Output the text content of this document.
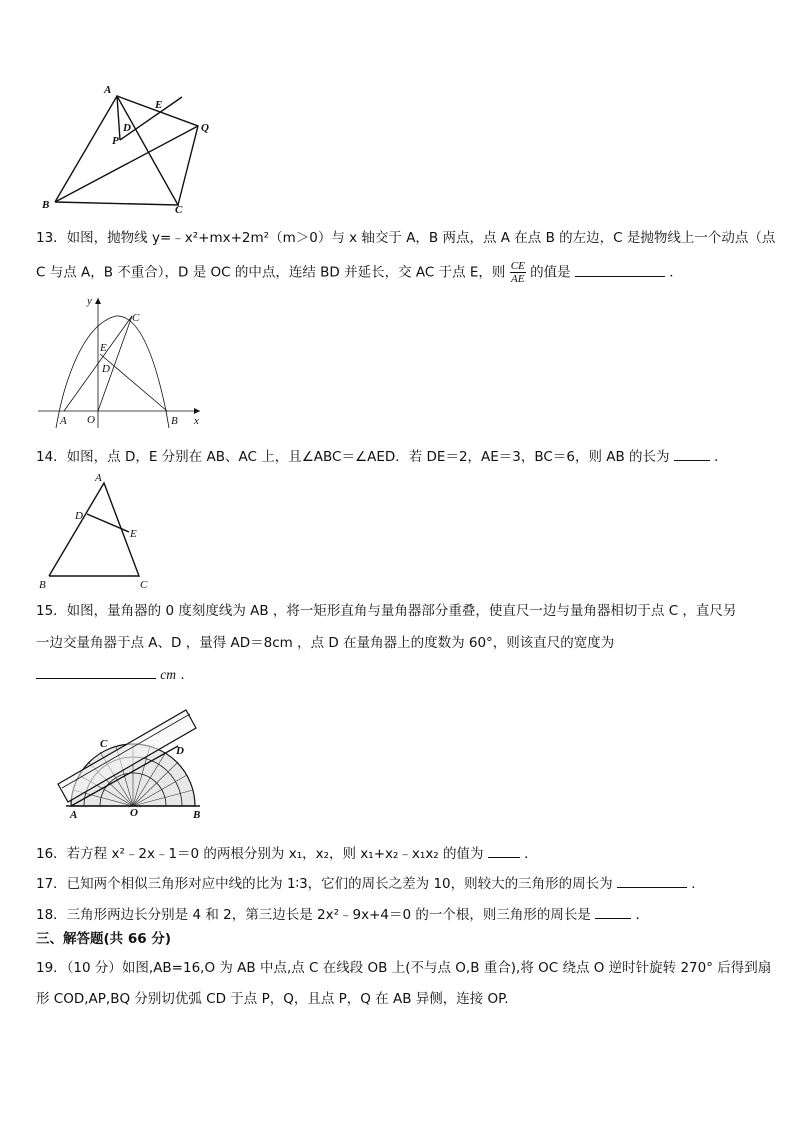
A
E
D
P
Q
B	C
13．如图，抛物线 y=﹣x²+mx+2m²（m＞0）与 x 轴交于 A，B 两点，点 A 在点 B 的左边，C 是抛物线上一个动点（点
C 与点 A，B 不重合），D 是 OC 的中点，连结 BD 并延长，交 AC 于点 E，则 $\frac{CE}{AE}$ 的值是	．
y
x
A O	B
C
E
D
14．如图，点 D，E 分别在 AB、AC 上，且∠ABC＝∠AED．若 DE＝2，AE＝3，BC＝6，则 AB 的长为	．
A
D
E
B	C
15．如图，量角器的 0 度刻度线为 AB ，将一矩形直角与量角器部分重叠，使直尺一边与量角器相切于点 C ，直尺另
一边交量角器于点 A、D ，量得 AD＝8cm ，点 D 在量角器上的度数为 60°，则该直尺的宽度为
cm .
C
D
A	O	B
16．若方程 x²﹣2x﹣1＝0 的两根分别为 x₁，x₂，则 x₁+x₂﹣x₁x₂ 的值为	．
17．已知两个相似三角形对应中线的比为 1∶3，它们的周长之差为 10，则较大的三角形的周长为	．
18．三角形两边长分别是 4 和 2，第三边长是 2x²﹣9x+4＝0 的一个根，则三角形的周长是	．
三、解答题(共 66 分)
19．（10 分）如图,AB=16,O 为 AB 中点,点 C 在线段 OB 上(不与点 O,B 重合),将 OC 绕点 O 逆时针旋转 270° 后得到扇
形 COD,AP,BQ 分别切优弧 CD 于点 P，Q，且点 P，Q 在 AB 异侧，连接 OP.
